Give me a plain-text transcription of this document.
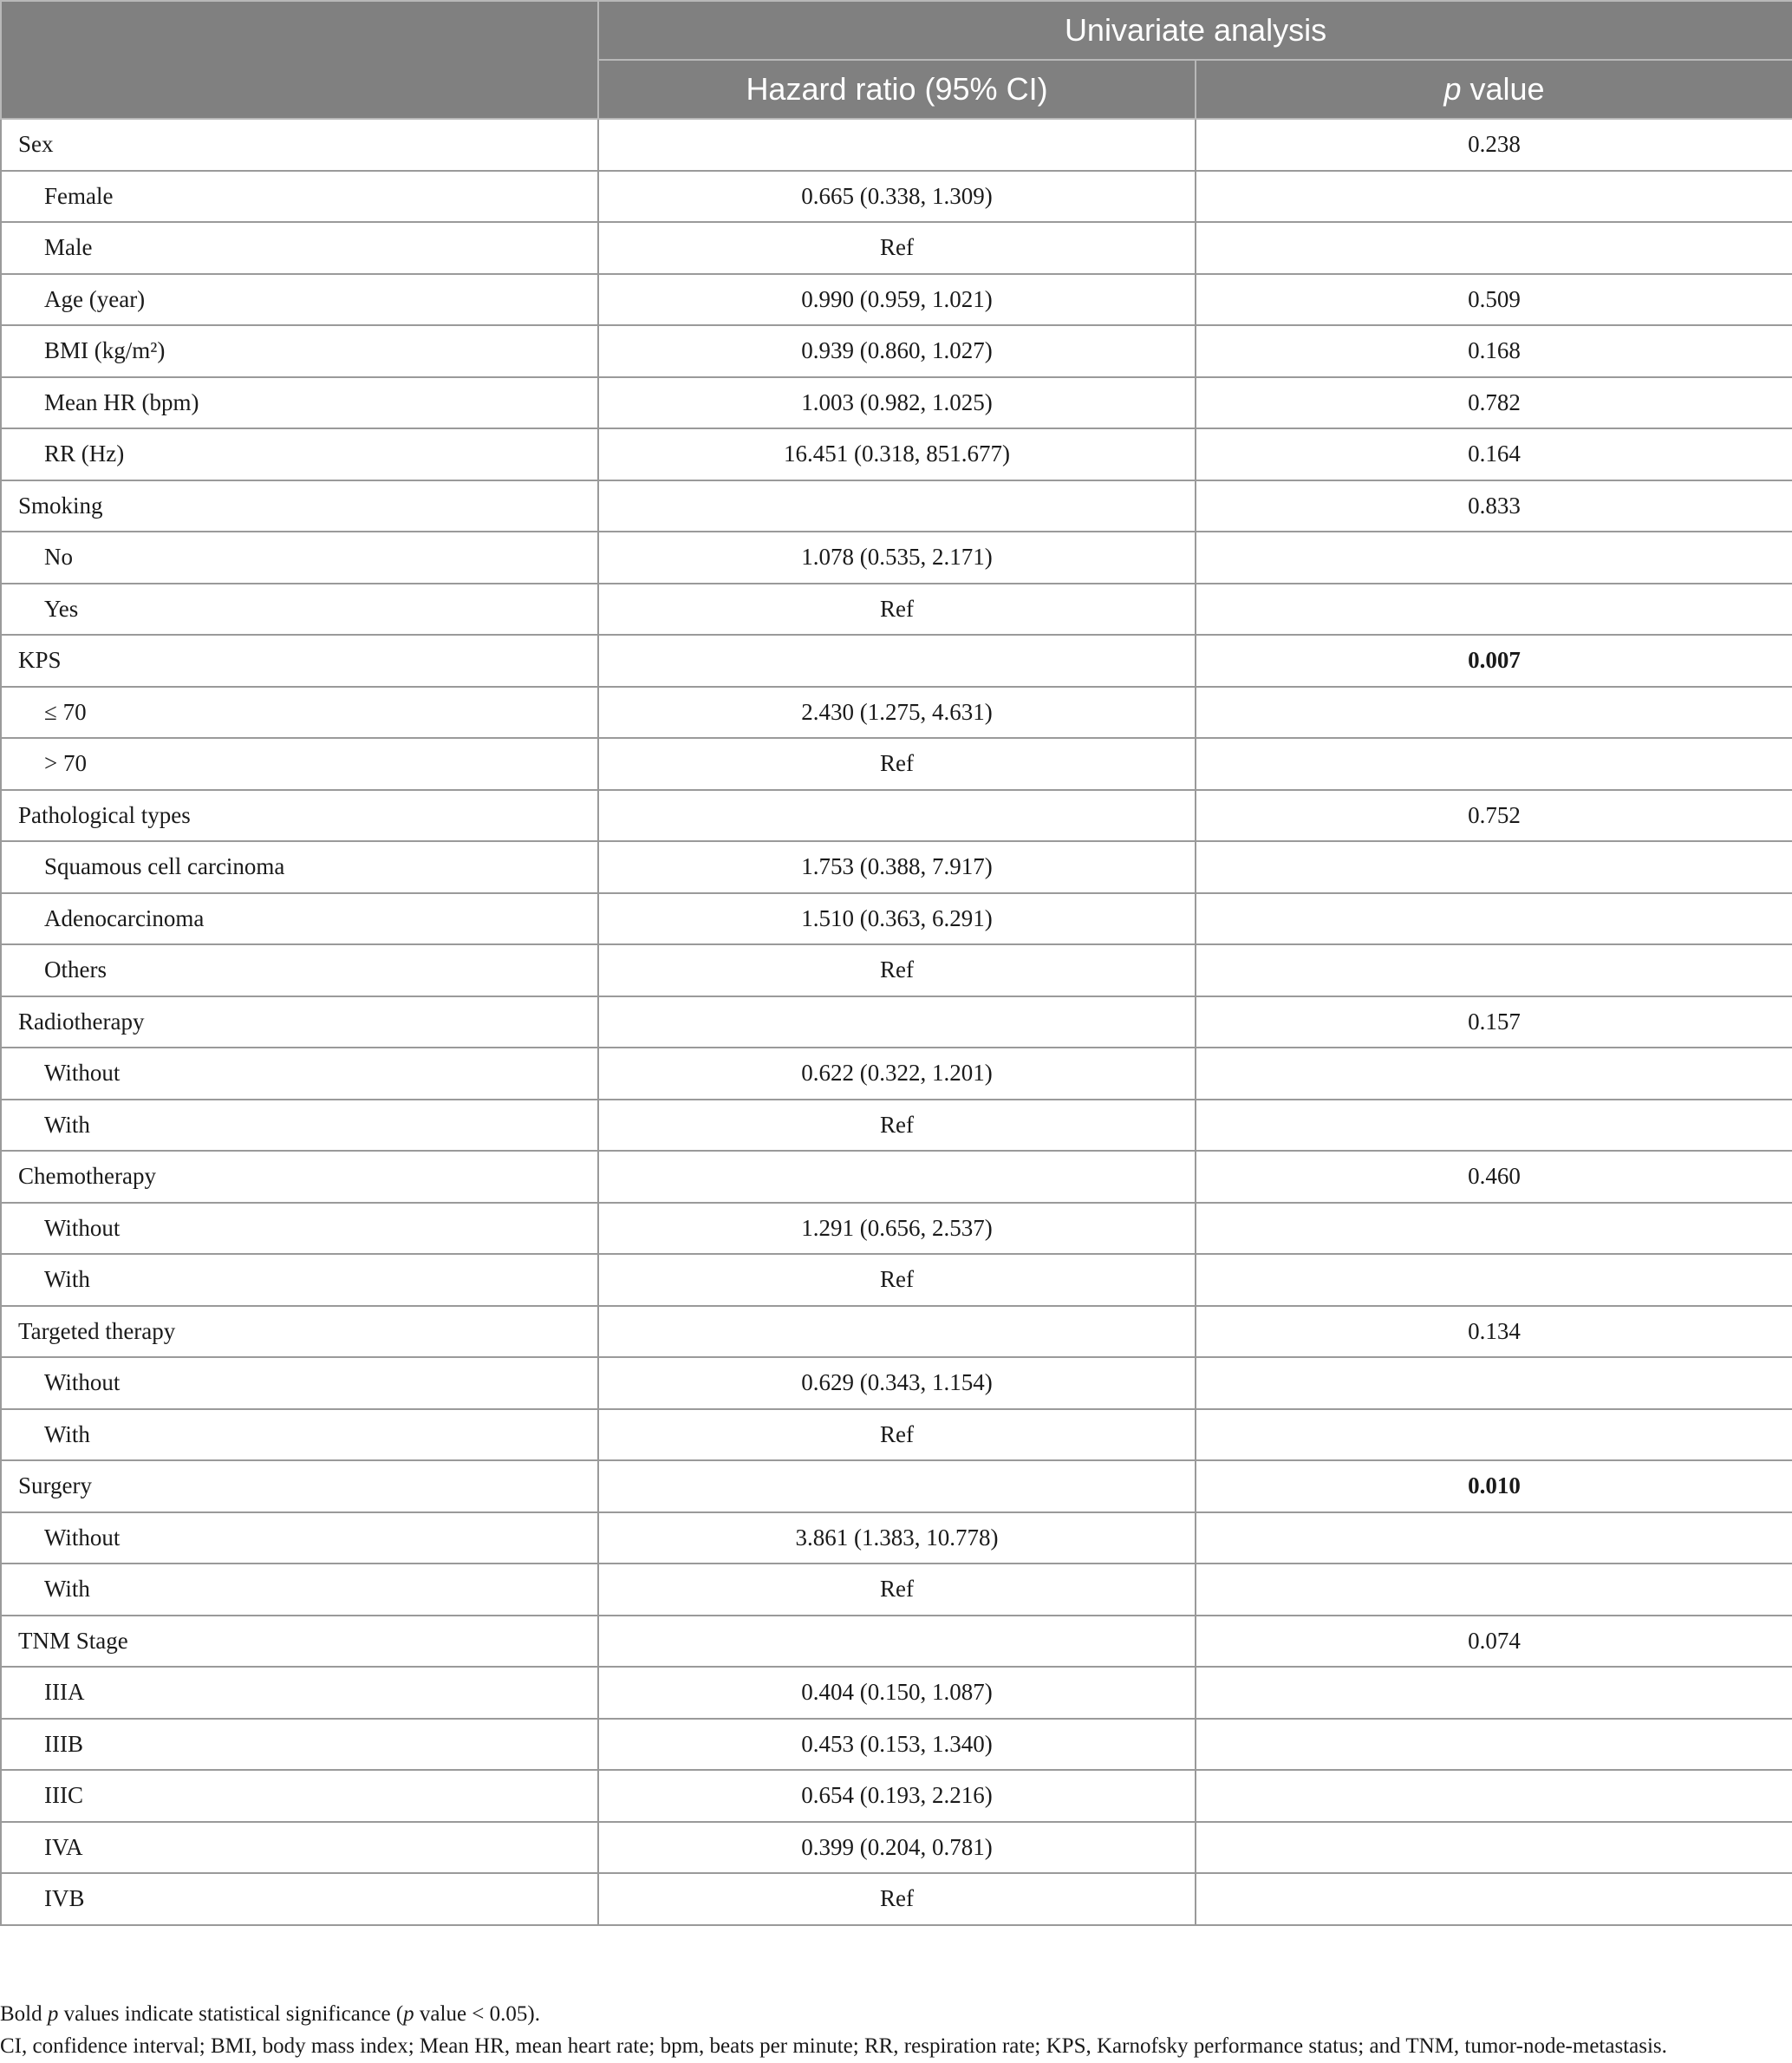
	Univariate analysis	
	Hazard ratio (95% CI)	p value
Sex		0.238
Female	0.665 (0.338, 1.309)	
Male	Ref	
Age (year)	0.990 (0.959, 1.021)	0.509
BMI (kg/m²)	0.939 (0.860, 1.027)	0.168
Mean HR (bpm)	1.003 (0.982, 1.025)	0.782
RR (Hz)	16.451 (0.318, 851.677)	0.164
Smoking		0.833
No	1.078 (0.535, 2.171)	
Yes	Ref	
KPS		0.007
≤ 70	2.430 (1.275, 4.631)	
> 70	Ref	
Pathological types		0.752
Squamous cell carcinoma	1.753 (0.388, 7.917)	
Adenocarcinoma	1.510 (0.363, 6.291)	
Others	Ref	
Radiotherapy		0.157
Without	0.622 (0.322, 1.201)	
With	Ref	
Chemotherapy		0.460
Without	1.291 (0.656, 2.537)	
With	Ref	
Targeted therapy		0.134
Without	0.629 (0.343, 1.154)	
With	Ref	
Surgery		0.010
Without	3.861 (1.383, 10.778)	
With	Ref	
TNM Stage		0.074
IIIA	0.404 (0.150, 1.087)	
IIIB	0.453 (0.153, 1.340)	
IIIC	0.654 (0.193, 2.216)	
IVA	0.399 (0.204, 0.781)	
IVB	Ref	

Bold p values indicate statistical significance (p value < 0.05).

CI, confidence interval; BMI, body mass index; Mean HR, mean heart rate; bpm, beats per minute; RR, respiration rate; KPS, Karnofsky performance status; and TNM, tumor-node-metastasis.
